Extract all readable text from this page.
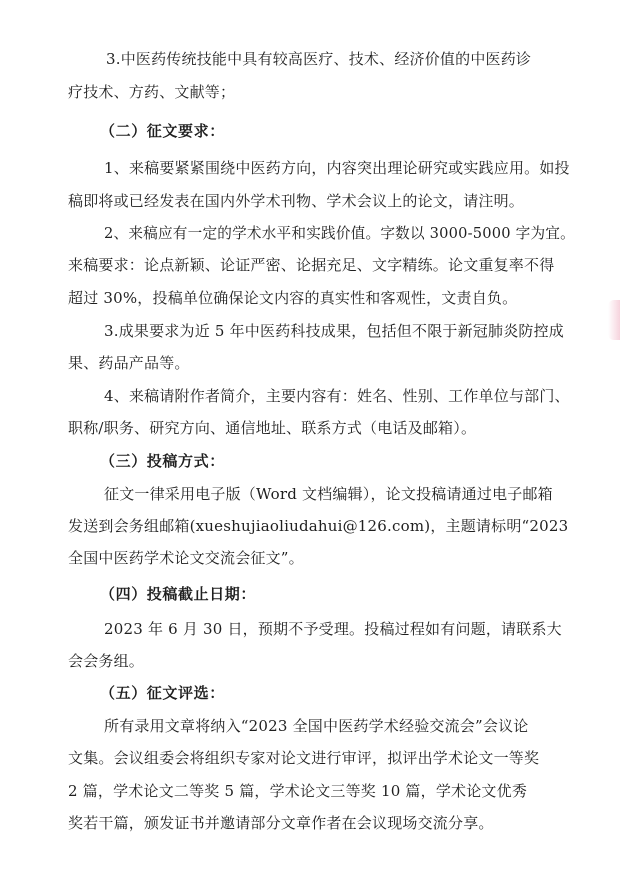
3.中医药传统技能中具有较高医疗、技术、经济价值的中医药诊
疗技术、方药、文献等；
（二）征文要求：
1、来稿要紧紧围绕中医药方向，内容突出理论研究或实践应用。如投
稿即将或已经发表在国内外学术刊物、学术会议上的论文，请注明。
2、来稿应有一定的学术水平和实践价值。字数以 3000-5000 字为宜。
来稿要求：论点新颖、论证严密、论据充足、文字精练。论文重复率不得
超过 30%，投稿单位确保论文内容的真实性和客观性，文责自负。
3.成果要求为近 5 年中医药科技成果，包括但不限于新冠肺炎防控成
果、药品产品等。
4、来稿请附作者简介，主要内容有：姓名、性别、工作单位与部门、
职称/职务、研究方向、通信地址、联系方式（电话及邮箱）。
（三）投稿方式：
征文一律采用电子版（Word 文档编辑），论文投稿请通过电子邮箱
发送到会务组邮箱(xueshujiaoliudahui@126.com)，主题请标明“2023
全国中医药学术论文交流会征文”。
（四）投稿截止日期：
2023 年 6 月 30 日，预期不予受理。投稿过程如有问题，请联系大
会会务组。
（五）征文评选：
所有录用文章将纳入“2023 全国中医药学术经验交流会”会议论
文集。会议组委会将组织专家对论文进行审评，拟评出学术论文一等奖
2 篇，学术论文二等奖 5 篇，学术论文三等奖 10 篇，学术论文优秀
奖若干篇，颁发证书并邀请部分文章作者在会议现场交流分享。
